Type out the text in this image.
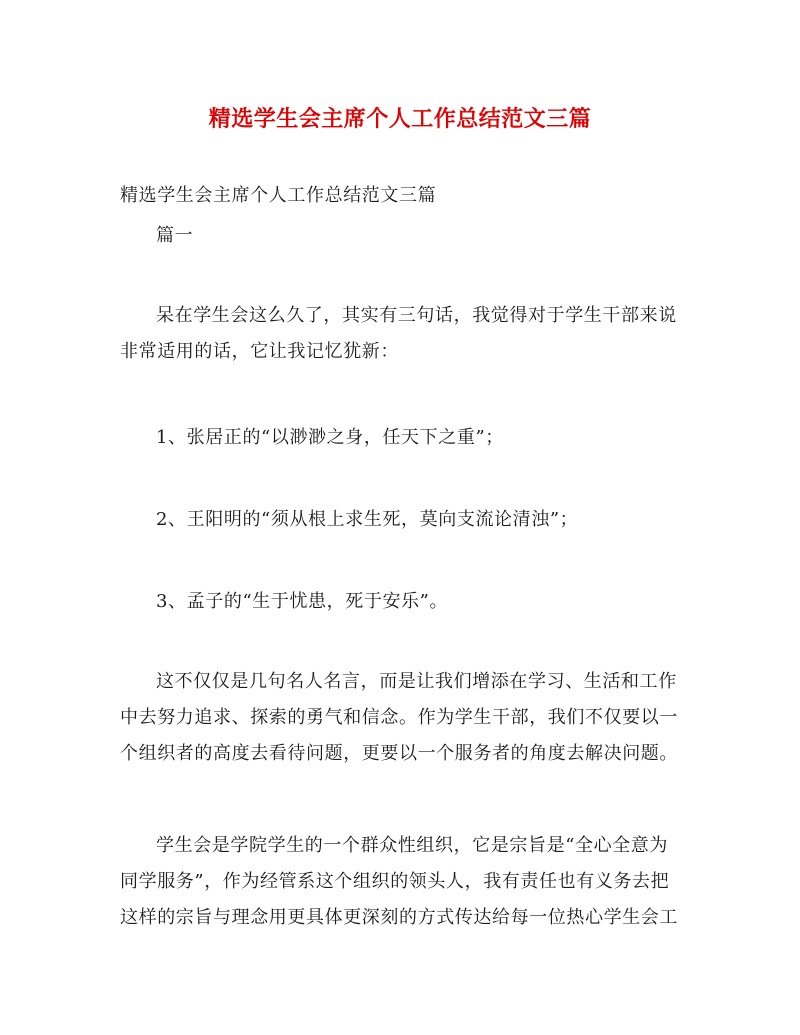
精选学生会主席个人工作总结范文三篇

精选学生会主席个人工作总结范文三篇

篇一

呆在学生会这么久了，其实有三句话，我觉得对于学生干部来说非常适用的话，它让我记忆犹新：

1、张居正的“以渺渺之身，任天下之重”；

2、王阳明的“须从根上求生死，莫向支流论清浊”；

3、孟子的“生于忧患，死于安乐”。

这不仅仅是几句名人名言，而是让我们增添在学习、生活和工作中去努力追求、探索的勇气和信念。作为学生干部，我们不仅要以一个组织者的高度去看待问题，更要以一个服务者的角度去解决问题。

学生会是学院学生的一个群众性组织，它是宗旨是“全心全意为同学服务”，作为经管系这个组织的领头人，我有责任也有义务去把这样的宗旨与理念用更具体更深刻的方式传达给每一位热心学生会工
